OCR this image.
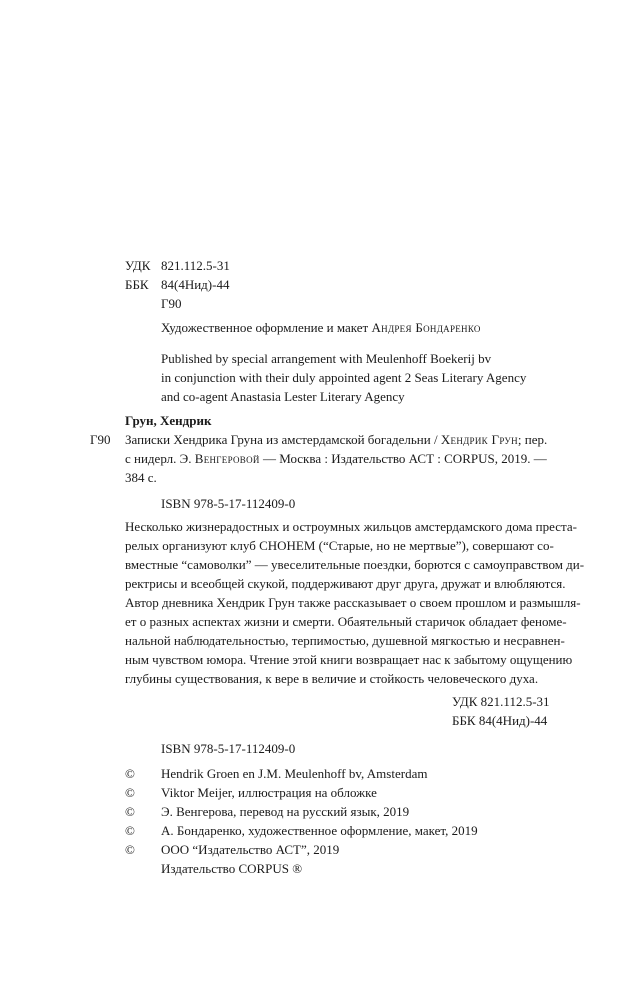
УДК 821.112.5-31
ББК 84(4Нид)-44
Г90
Художественное оформление и макет Андрея Бондаренко
Published by special arrangement with Meulenhoff Boekerij bv
in conjunction with their duly appointed agent 2 Seas Literary Agency
and co-agent Anastasia Lester Literary Agency
Грун, Хендрик
Г90 Записки Хендрика Груна из амстердамской богадельни / Хендрик Грун; пер.
с нидерл. Э. Венгеровой — Москва : Издательство АСТ : CORPUS, 2019. —
384 с.
ISBN 978-5-17-112409-0
Несколько жизнерадостных и остроумных жильцов амстердамского дома преста-
релых организуют клуб СНОНЕМ (“Старые, но не мертвые”), совершают со-
вместные “самоволки” — увеселительные поездки, борются с самоуправством ди-
ректрисы и всеобщей скукой, поддерживают друг друга, дружат и влюбляются.
Автор дневника Хендрик Грун также рассказывает о своем прошлом и размышля-
ет о разных аспектах жизни и смерти. Обаятельный старичок обладает феноме-
нальной наблюдательностью, терпимостью, душевной мягкостью и несравнен-
ным чувством юмора. Чтение этой книги возвращает нас к забытому ощущению
глубины существования, к вере в величие и стойкость человеческого духа.
УДК 821.112.5-31
ББК 84(4Нид)-44
ISBN 978-5-17-112409-0
© Hendrik Groen en J.M. Meulenhoff bv, Amsterdam
© Viktor Meijer, иллюстрация на обложке
© Э. Венгерова, перевод на русский язык, 2019
© А. Бондаренко, художественное оформление, макет, 2019
© ООО “Издательство АСТ”, 2019
Издательство CORPUS ®
